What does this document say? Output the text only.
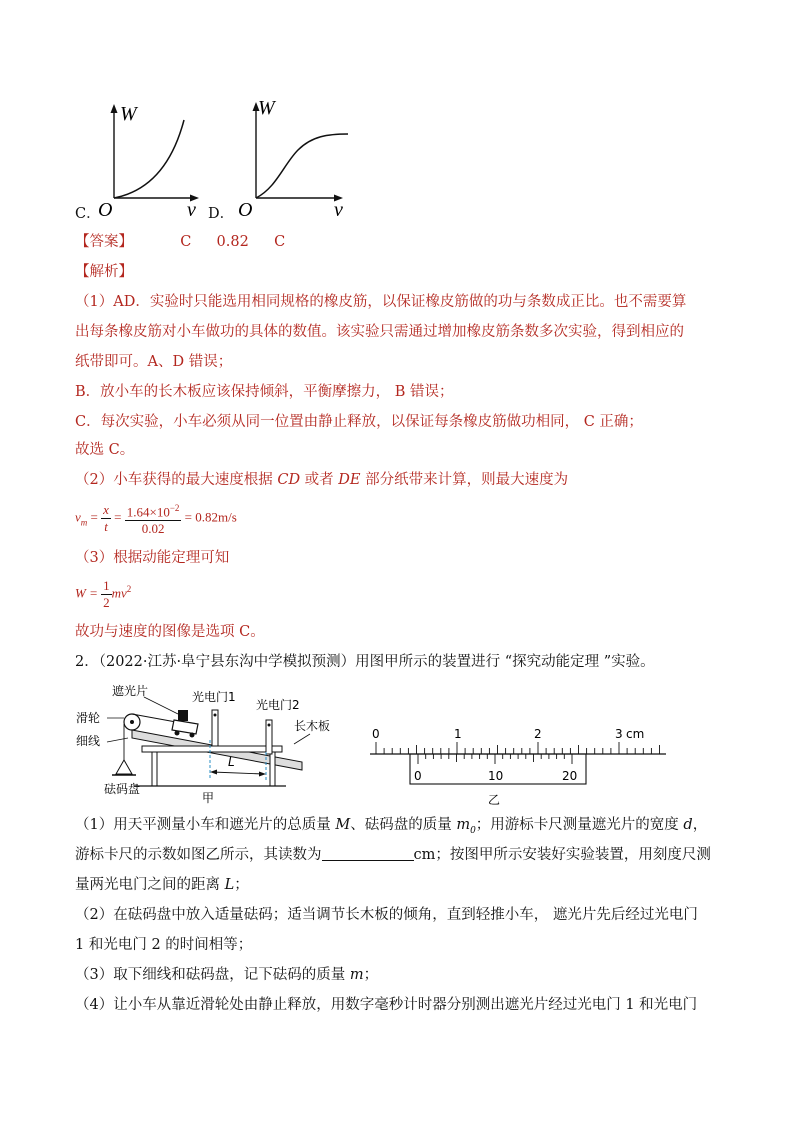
W
O	v
C．
W
O	v
D．
【答案】	C 0.82 C
【解析】
（1）AD．实验时只能选用相同规格的橡皮筋，以保证橡皮筋做的功与条数成正比。也不需要算
出每条橡皮筋对小车做功的具体的数值。该实验只需通过增加橡皮筋条数多次实验，得到相应的
纸带即可。A、D 错误；
B．放小车的长木板应该保持倾斜，平衡摩擦力， B 错误；
C．每次实验，小车必须从同一位置由静止释放，以保证每条橡皮筋做功相同， C 正确；
故选 C。
（2）小车获得的最大速度根据 CD 或者 DE 部分纸带来计算，则最大速度为
$v_m = \frac{x}{t} = \frac{1.64\times 10^{-2}}{0.02} = 0.82m/s$
（3）根据动能定理可知
$W = \frac{1}{2} mv^2$
故功与速度的图像是选项 C。
2．（2022·江苏·阜宁县东沟中学模拟预测）用图甲所示的装置进行 “探究动能定理 ”实验。
遮光片	光电门1
光电门2
滑轮
细线
长木板
砝码盘
L
甲
0	1	2	3 cm
0	10	20
乙
（1）用天平测量小车和遮光片的总质量 M、砝码盘的质量 $m_0$；用游标卡尺测量遮光片的宽度 d，
游标卡尺的示数如图乙所示，其读数为	cm；按图甲所示安装好实验装置，用刻度尺测
量两光电门之间的距离 L；
（2）在砝码盘中放入适量砝码；适当调节长木板的倾角，直到轻推小车， 遮光片先后经过光电门
1 和光电门 2 的时间相等；
（3）取下细线和砝码盘，记下砝码的质量 m；
（4）让小车从靠近滑轮处由静止释放，用数字毫秒计时器分别测出遮光片经过光电门 1 和光电门
